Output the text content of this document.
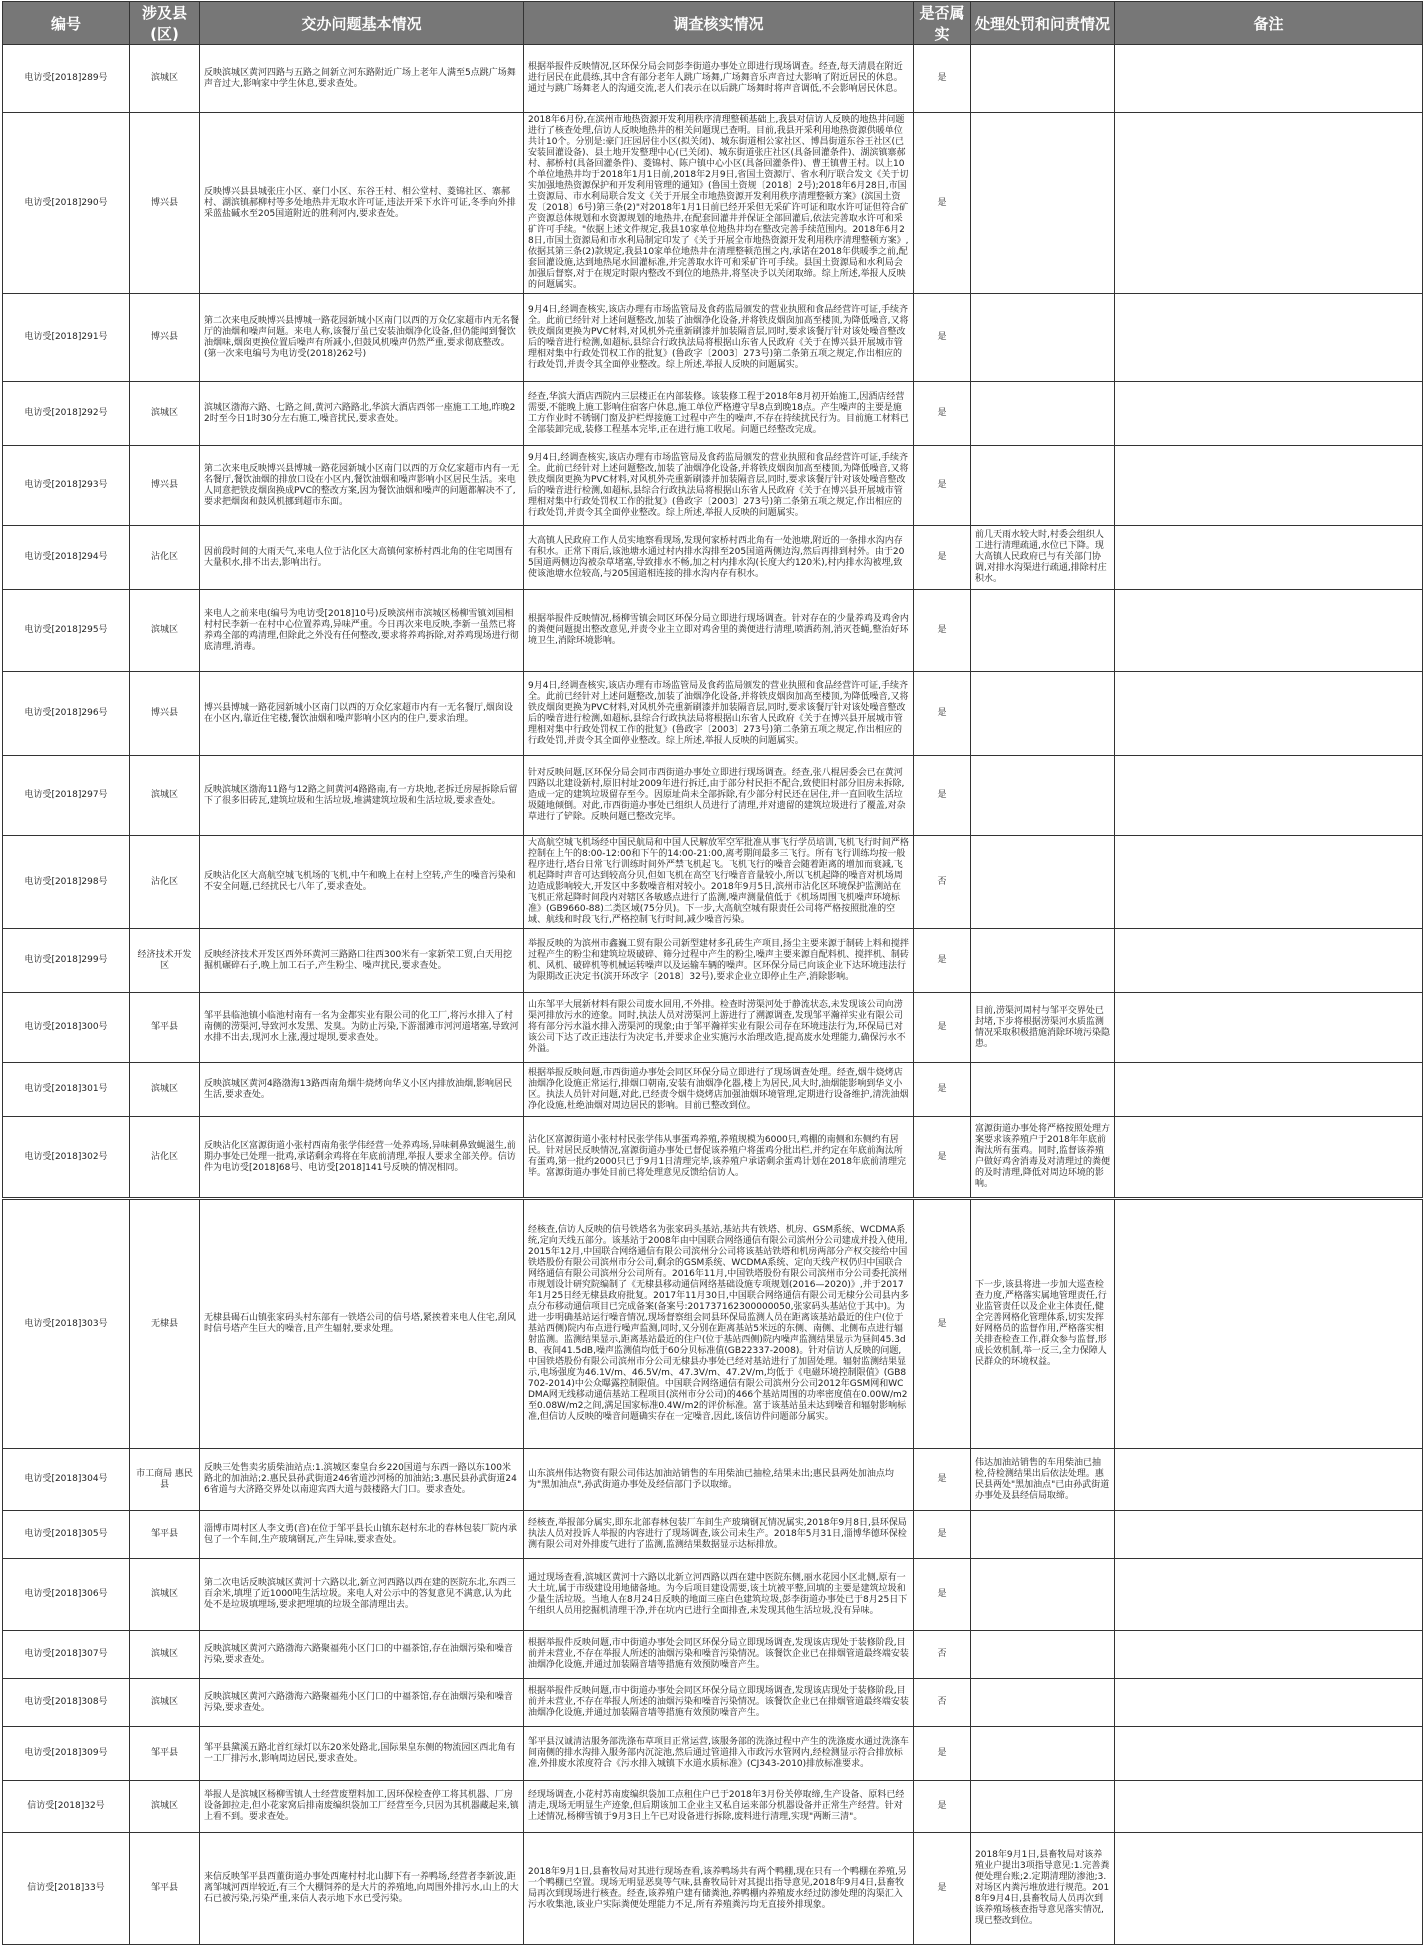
编号	涉及县(区)	交办问题基本情况	调查核实情况	是否属实	处理处罚和问责情况	备注
电访受[2018]289号	滨城区	反映滨城区黄河四路与五路之间新立河东路附近广场上老年人满至5点跳广场舞声音过大,影响家中学生休息,要求查处。	根据举报件反映情况,区环保分局会同彭李街道办事处立即进行现场调查。经查,每天清晨在附近进行居民在此晨练,其中含有部分老年人跳广场舞,广场舞音乐声音过大影响了附近居民的休息。通过与跳广场舞老人的沟通交流,老人们表示在以后跳广场舞时将声音调低,不会影响居民休息。	是		
电访受[2018]290号	博兴县	反映博兴县县城张庄小区、豪门小区、东谷王村、相公堂村、菱锦社区、寨郝村、湖滨镇郝柳村等多处地热井无取水许可证,违法开采下水许可证,冬季向外排采蓝盐碱水至205国道附近的胜利河内,要求查处。	2018年6月份,在滨州市地热资源开发利用秩序清理整顿基础上,我县对信访人反映的地热井问题进行了核查处理,信访人反映地热井的相关问题现已查明。目前,我县开采利用地热资源供暖单位共计10个。分别是:豪门庄园居住小区(拟关闭)、城东街道相公家社区、博昌街道东谷王社区(已安装回灌设备)、县土地开发整理中心(已关闭)、城东街道张庄社区(具备回灌条件)、湖滨镇寨郝村、郝桥村(具备回灌条件)、菱锦村、陈户镇中心小区(具备回灌条件)、曹王镇曹王村。以上10个单位地热井均于2018年1月1日前,2018年2月9日,省国土资源厅、省水利厅联合发文《关于切实加强地热资源保护和开发利用管理的通知》(鲁国土资规〔2018〕2号);2018年6月28日,市国土资源局、市水利局联合发文《关于开展全市地热资源开发利用秩序清理整顿方案》(滨国土资发〔2018〕6号)第三条(2)"对2018年1月1日前已经开采但无采矿许可证和取水许可证但符合矿产资源总体规划和水资源规划的地热井,在配套回灌井并保证全部回灌后,依法完善取水许可和采矿许可手续。"依据上述文件规定,我县10家单位地热井均在整改完善手续范围内。2018年6月28日,市国土资源局和市水利局制定印发了《关于开展全市地热资源开发利用秩序清理整顿方案》,依据其第三条(2)款规定,我县10家单位地热井在清理整顿范围之内,承诺在2018年供暖季之前,配套回灌设施,达到地热尾水回灌标准,并完善取水许可和采矿许可手续。县国土资源局和水利局会加强后督察,对于在规定时限内整改不到位的地热井,将坚决予以关闭取缔。综上所述,举报人反映的问题属实。	是		
电访受[2018]291号	博兴县	第二次来电反映博兴县博城一路花园新城小区南门以西的万众亿家超市内无名餐厅的油烟和噪声问题。来电人称,该餐厅虽已安装油烟净化设备,但仍能闻到餐饮油烟味,烟囱更换位置后噪声有所减小,但鼓风机噪声仍然严重,要求彻底整改。(第一次来电编号为电访受(2018)262号)	9月4日,经调查核实,该店办理有市场监管局及食药监局颁发的营业执照和食品经营许可证,手续齐全。此前已经针对上述问题整改,加装了油烟净化设备,并将铁皮烟囱加高至楼顶,为降低噪音,又将铁皮烟囱更换为PVC材料,对风机外壳重新刷漆并加装隔音层,同时,要求该餐厅针对该处噪音整改后的噪音进行检测,如超标,县综合行政执法局将根据山东省人民政府《关于在博兴县开展城市管理相对集中行政处罚权工作的批复》(鲁政字〔2003〕273号)第二条第五项之规定,作出相应的行政处罚,并责令其全面停业整改。综上所述,举报人反映的问题属实。	是		
电访受[2018]292号	滨城区	滨城区渤海六路、七路之间,黄河六路路北,华滨大酒店西邻一座施工工地,昨晚22时至今日1时30分左右施工,噪音扰民,要求查处。	经查,华滨大酒店西院内三层楼正在内部装修。该装修工程于2018年8月初开始施工,因酒店经营需要,不能晚上施工影响住宿客户休息,施工单位严格遵守早8点到晚18点。产生噪声的主要是施工方作业时不锈钢门窗及护栏焊接施工过程中产生的噪声,不存在持续扰民行为。目前施工材料已全部装卸完成,装修工程基本完毕,正在进行施工收尾。问题已经整改完成。	是		
电访受[2018]293号	博兴县	第二次来电反映博兴县博城一路花园新城小区南门以西的万众亿家超市内有一无名餐厅,餐饮油烟的排放口设在小区内,餐饮油烟和噪声影响小区居民生活。来电人同意把铁皮烟囱换成PVC的整改方案,因为餐饮油烟和噪声的问题都解决不了,要求把烟囱和鼓风机挪到超市东面。	9月4日,经调查核实,该店办理有市场监管局及食药监局颁发的营业执照和食品经营许可证,手续齐全。此前已经针对上述问题整改,加装了油烟净化设备,并将铁皮烟囱加高至楼顶,为降低噪音,又将铁皮烟囱更换为PVC材料,对风机外壳重新刷漆并加装隔音层,同时,要求该餐厅针对该处噪音整改后的噪音进行检测,如超标,县综合行政执法局将根据山东省人民政府《关于在博兴县开展城市管理相对集中行政处罚权工作的批复》(鲁政字〔2003〕273号)第二条第五项之规定,作出相应的行政处罚,并责令其全面停业整改。综上所述,举报人反映的问题属实。	是		
电访受[2018]294号	沾化区	因前段时间的大雨天气,来电人位于沾化区大高镇何家桥村西北角的住宅周围有大量积水,排不出去,影响出行。	大高镇人民政府工作人员实地察看现场,发现何家桥村西北角有一处池塘,附近的一条排水沟内存有积水。正常下雨后,该池塘水通过村内排水沟排至205国道两侧边沟,然后再排到村外。由于205国道两侧边沟被杂草堵塞,导致排水不畅,加之村内排水沟(长度大约120米),村内排水沟被埋,致使该池塘水位较高,与205国道相连接的排水沟内存有积水。	是	前几天雨水较大时,村委会组织人工进行清理疏通,水位已下降。现大高镇人民政府已与有关部门协调,对排水沟渠进行疏通,排除村庄积水。	
电访受[2018]295号	滨城区	来电人之前来电(编号为电访受[2018]10号)反映滨州市滨城区杨柳雪镇刘国相村村民李新一在村中心位置养鸡,异味严重。今日再次来电反映,李新一虽然已将养鸡全部的鸡清理,但除此之外没有任何整改,要求将养鸡拆除,对养鸡现场进行彻底清理,消毒。	根据举报件反映情况,杨柳雪镇会同区环保分局立即进行现场调查。针对存在的少量养鸡及鸡舍内的粪便问题提出整改意见,并责令业主立即对鸡舍里的粪便进行清理,喷洒药剂,消灭苍蝇,整治好环境卫生,消除环境影响。	是		
电访受[2018]296号	博兴县	博兴县博城一路花园新城小区南门以西的万众亿家超市内有一无名餐厅,烟囱设在小区内,靠近住宅楼,餐饮油烟和噪声影响小区内的住户,要求治理。	9月4日,经调查核实,该店办理有市场监管局及食药监局颁发的营业执照和食品经营许可证,手续齐全。此前已经针对上述问题整改,加装了油烟净化设备,并将铁皮烟囱加高至楼顶,为降低噪音,又将铁皮烟囱更换为PVC材料,对风机外壳重新刷漆并加装隔音层,同时,要求该餐厅针对该处噪音整改后的噪音进行检测,如超标,县综合行政执法局将根据山东省人民政府《关于在博兴县开展城市管理相对集中行政处罚权工作的批复》(鲁政字〔2003〕273号)第二条第五项之规定,作出相应的行政处罚,并责令其全面停业整改。综上所述,举报人反映的问题属实。	是		
电访受[2018]297号	滨城区	反映滨城区渤海11路与12路之间黄河4路路南,有一方块地,老拆迁房屋拆除后留下了很多旧砖瓦,建筑垃圾和生活垃圾,堆满建筑垃圾和生活垃圾,要求查处。	针对反映问题,区环保分局会同市西街道办事处立即进行现场调查。经查,张八棍居委会已在黄河四路以北建设新村,原旧村址2009年进行拆迁,由于部分村民拒不配合,致使旧村部分旧房未拆除,造成一定的建筑垃圾留存至今。因原址尚未全部拆除,有少部分村民还在居住,并一直回收生活垃圾随地倾倒。对此,市西街道办事处已组织人员进行了清理,并对遗留的建筑垃圾进行了覆盖,对杂草进行了铲除。反映问题已整改完毕。	是		
电访受[2018]298号	沾化区	反映沾化区大高航空城飞机场的飞机,中午和晚上在村上空转,产生的噪音污染和不安全问题,已经扰民七八年了,要求查处。	大高航空城飞机场经中国民航局和中国人民解放军空军批准从事飞行学员培训,飞机飞行时间严格控制在上午的8:00-12:00和下午的14:00-21:00,离考期间最多三飞行。所有飞行训练均按一般程序进行,塔台日常飞行训练时间外严禁飞机起飞。飞机飞行的噪音会随着距离的增加而衰减,飞机起降时声音可达到较高分贝,但如飞机在高空飞行噪音音量较小,所以飞机起降的噪音对机场周边造成影响较大,开发区中多数噪音相对较小。2018年9月5日,滨州市沾化区环境保护监测站在飞机正常起降时间段内对辖区各敏感点进行了监测,噪声测量值低于《机场周围飞机噪声环境标准》(GB9660-88)二类区域(75分贝)。下一步,大高航空城有限责任公司将严格按照批准的空域、航线和时段飞行,严格控制飞行时间,减少噪音污染。	否		
电访受[2018]299号	经济技术开发区	反映经济技术开发区西外环黄河三路路口往西300米有一家新荣工贸,白天用挖掘机碾碎石子,晚上加工石子,产生粉尘、噪声扰民,要求查处。	举报反映的为滨州市鑫巍工贸有限公司新型建材多孔砖生产项目,扬尘主要来源于制砖上料和搅拌过程产生的粉尘和建筑垃圾破碎、筛分过程中产生的粉尘,噪声主要来源自配料机、搅拌机、制砖机、风机、破碎机等机械运转噪声以及运输车辆的噪声。区环保分局已向该企业下达环境违法行为限期改正决定书(滨开环改字〔2018〕32号),要求企业立即停止生产,消除影响。	是		
电访受[2018]300号	邹平县	邹平县临池镇小临池村南有一名为金都实业有限公司的化工厂,将污水排入了村南侧的涝渠河,导致河水发黑、发臭。为防止污染,下游溜滩市河河道堵塞,导致河水排不出去,现河水上涨,漫过堤坝,要求查处。	山东邹平大展新材料有限公司废水回用,不外排。检查时涝渠河处于静流状态,未发现该公司向涝渠河排放污水的迹象。同时,执法人员对涝渠河上游进行了溯源调查,发现邹平瀚祥实业有限公司将有部分污水溢水排入涝渠河的现象;由于邹平瀚祥实业有限公司存在环境违法行为,环保局已对该公司下达了改正违法行为决定书,并要求企业实施污水治理改造,提高废水处理能力,确保污水不外溢。	是	目前,涝渠河周村与邹平交界处已封堵,下步将根据涝渠河水质监测情况采取积极措施消除环境污染隐患。	
电访受[2018]301号	滨城区	反映滨城区黄河4路渤海13路西南角烟牛烧烤向华义小区内排放油烟,影响居民生活,要求查处。	根据举报反映问题,市西街道办事处会同区环保分局立即进行了现场调查处理。经查,烟牛烧烤店油烟净化设施正常运行,排烟口朝南,安装有油烟净化器,楼上为居民,风大时,油烟能影响到华义小区。执法人员针对问题,对此,已经责令烟牛烧烤店加强油烟环境管理,定期进行设备维护,清洗油烟净化设施,杜绝油烟对周边居民的影响。目前已整改到位。	是		
电访受[2018]302号	沾化区	反映沾化区富源街道小张村西南角张学伟经营一处养鸡场,异味刺鼻致蝇滋生,前期办事处已处理一批鸡,承诺剩余鸡将在年底前清理,举报人要求全部关停。信访件为电访受[2018]68号、电访受[2018]141号反映的情况相同。	沾化区富源街道小张村村民张学伟从事蛋鸡养殖,养殖规模为6000只,鸡棚的南侧和东侧约有居民。针对居民反映情况,富源街道办事处已督促该养殖户将蛋鸡分批出栏,并约定在年底前淘汰所有蛋鸡,第一批约2000只已于9月1日清理完毕,该养殖户承诺剩余蛋鸡计划在2018年底前清理完毕。富源街道办事处目前已将处理意见反馈给信访人。	是	富源街道办事处将严格按照处理方案要求该养殖户于2018年年底前淘汰所有蛋鸡。同时,监督该养殖户做好鸡舍消毒及对清理过的粪便的及时清理,降低对周边环境的影响。	
电访受[2018]303号	无棣县	无棣县碣石山镇张家码头村东部有一铁塔公司的信号塔,紧挨着来电人住宅,刮风时信号塔产生巨大的噪音,且产生辐射,要求处理。	经核查,信访人反映的信号铁塔名为张家码头基站,基站共有铁塔、机房、GSM系统、WCDMA系统,定向天线五部分。该基站于2008年由中国联合网络通信有限公司滨州分公司建成并投入使用,2015年12月,中国联合网络通信有限公司滨州分公司将该基站铁塔和机房两部分产权交接给中国铁塔股份有限公司滨州市分公司,剩余的GSM系统、WCDMA系统、定向天线产权仍归中国联合网络通信有限公司滨州分公司所有。2016年11月,中国铁塔股份有限公司滨州市分公司委托滨州市规划设计研究院编制了《无棣县移动通信网络基础设施专项规划(2016—2020)》,并于2017年1月25日经无棣县政府批复。2017年11月30日,中国联合网络通信有限公司无棣分公司县内多点分布移动通信项目已完成备案(备案号:201737162300000050,张家码头基站位于其中)。为进一步明确基站运行噪音情况,现场督察组会同县环保局监测人员在距离该基站最近的住户(位于基站西侧)院内布点进行噪声监测,同时,又分别在距离基站5米远的东侧、南侧、北侧布点进行辐射监测。监测结果显示,距离基站最近的住户(位于基站西侧)院内噪声监测结果显示为昼间45.3dB、夜间41.5dB,噪声监测值均低于60分贝标准值(GB22337-2008)。针对信访人反映的问题,中国铁塔股份有限公司滨州市分公司无棣县办事处已经对基站进行了加固处理。辐射监测结果显示,电场强度为46.1V/m、46.5V/m、47.3V/m、47.2V/m,均低于《电磁环境控制限值》(GB8702-2014)中公众曝露控制限值。中国联合网络通信有限公司滨州分公司2012年GSM网和WCDMA网无线移动通信基站工程项目(滨州市分公司)的466个基站周围的功率密度值在0.00W/m2至0.08W/m2之间,满足国家标准0.4W/m2的评价标准。富于该基站虽未达到噪音和辐射影响标准,但信访人反映的噪音问题确实存在一定噪音,因此,该信访件问题部分属实。	是	下一步,该县将进一步加大巡查检查力度,严格落实属地管理责任,行业监管责任以及企业主体责任,健全完善网格化管理体系,切实发挥好网格员的监督作用,严格落实相关排查检查工作,群众参与监督,形成长效机制,举一反三,全力保障人民群众的环境权益。	
电访受[2018]304号	市工商局 惠民县	反映三处售卖劣质柴油站点:1.滨城区秦皇台乡220国道与东西一路以东100米路北的加油站;2.惠民县孙武街道246省道沙河杨的加油站;3.惠民县孙武街道246省道与大济路交界处以南迎宾西大道与鼓楼路大门口。要求查处。	山东滨州伟达物资有限公司伟达加油站销售的车用柴油已抽检,结果未出;惠民县两处加油点均为"黑加油点",孙武街道办事处及经信部门予以取缔。	是	伟达加油站销售的车用柴油已抽检,待检测结果出后依法处理。惠民县两处"黑加油点"已由孙武街道办事处及县经信局取缔。	
电访受[2018]305号	邹平县	淄博市周村区人李文勇(音)在位于邹平县长山镇东赵村东北的春林包装厂院内承包了一个车间,生产玻璃钢瓦,产生异味,要求查处。	经核查,举报部分属实,即东北部春林包装厂车间生产玻璃钢瓦情况属实,2018年9月8日,县环保局执法人员对投诉人举报的内容进行了现场调查,该公司未生产。2018年5月31日,淄博华德环保检测有限公司对外排废气进行了监测,监测结果数据显示达标排放。	是		
电访受[2018]306号	滨城区	第二次电话反映滨城区黄河十六路以北,新立河西路以西在建的医院东北,东西三百余米,填埋了近1000吨生活垃圾。来电人对公示中的答复意见不满意,认为此处不是垃圾填埋场,要求把埋填的垃圾全部清理出去。	通过现场查看,滨城区黄河十六路以北新立河西路以西在建中医院东侧,丽水花园小区北侧,原有一大土坑,属于市级建设用地储备地。为今后项目建设需要,该土坑被平整,回填的主要是建筑垃圾和少量生活垃圾。当地人在8月24日反映的地面三座白色建筑垃圾,彭李街道办事处已于8月25日下午组织人员用挖掘机清理干净,并在坑内已进行全面排查,未发现其他生活垃圾,没有异味。	是		
电访受[2018]307号	滨城区	反映滨城区黄河六路渤海六路聚福苑小区门口的中福茶馆,存在油烟污染和噪音污染,要求查处。	根据举报件反映问题,市中街道办事处会同区环保分局立即现场调查,发现该店现处于装修阶段,目前并未营业,不存在举报人所述的油烟污染和噪音污染情况。该餐饮企业已在排烟管道最终端安装油烟净化设施,并通过加装隔音墙等措施有效预防噪音产生。	否		
电访受[2018]308号	滨城区	反映滨城区黄河六路渤海六路聚福苑小区门口的中福茶馆,存在油烟污染和噪音污染,要求查处。	根据举报件反映问题,市中街道办事处会同区环保分局立即现场调查,发现该店现处于装修阶段,目前并未营业,不存在举报人所述的油烟污染和噪音污染情况。该餐饮企业已在排烟管道最终端安装油烟净化设施,并通过加装隔音墙等措施有效预防噪音产生。	否		
电访受[2018]309号	邹平县	邹平县黛溪五路北首红绿灯以东20米处路北,国际果皇东侧的物流园区西北角有一工厂排污水,影响周边居民,要求查处。	邹平县汉诚清洁服务部洗涤布草项目正常运营,该服务部的洗涤过程中产生的洗涤废水通过洗涤车间南侧的排水沟排入服务部内沉淀池,然后通过管道排入市政污水管网内,经检测显示符合排放标准,外排废水浓度符合《污水排入城镇下水道水质标准》(CJ343-2010)排放标准要求。	是		
信访受[2018]32号	滨城区	举报人是滨城区杨柳雪镇人士经营废塑料加工,因环保检查停工将其机器、厂房设备卸拉走,但小花家窝后排南废编织袋加工厂经营至今,只因为其机器藏起来,镇上看不到。要求查处。	经现场调查,小花村苏南废编织袋加工点租住户已于2018年3月份关停取缔,生产设备、原料已经清走,现场无明显生产迹象,但后期该加工企业主又私自运来部分机器设备并正常生产经营。针对上述情况,杨柳雪镇于9月3日上午已对设备进行拆除,废料进行清理,实现"两断三清"。	是		
信访受[2018]33号	邹平县	来信反映邹平县西董街道办事处西庵村村北山脚下有一养鸭场,经营者李新波,距离邹城河西岸较近,有三个大棚饲养的是大片的养殖地,向周围外排污水,山上的大石已被污染,污染严重,来信人表示地下水已受污染。	2018年9月1日,县畜牧局对其进行现场查看,该养鸭场共有两个鸭棚,现在只有一个鸭棚在养殖,另一个鸭棚已空置。现场无明显恶臭等气味,县畜牧局针对其提出指导意见,2018年9月4日,县畜牧局再次到现场进行核查。经查,该养殖户建有储粪池,养鸭棚内养殖废水经过防渗处理的沟渠汇入污水收集池,该业户实际粪便处理能力不足,所有养殖粪污均无直接外排现象。	是	2018年9月1日,县畜牧局对该养殖业户提出3项指导意见:1.完善粪便处理台账;2.定期清理防渗池;3.对场区内粪污堆放进行规范。2018年9月4日,县畜牧局人员再次到该养殖场核查指导意见落实情况,现已整改到位。	
